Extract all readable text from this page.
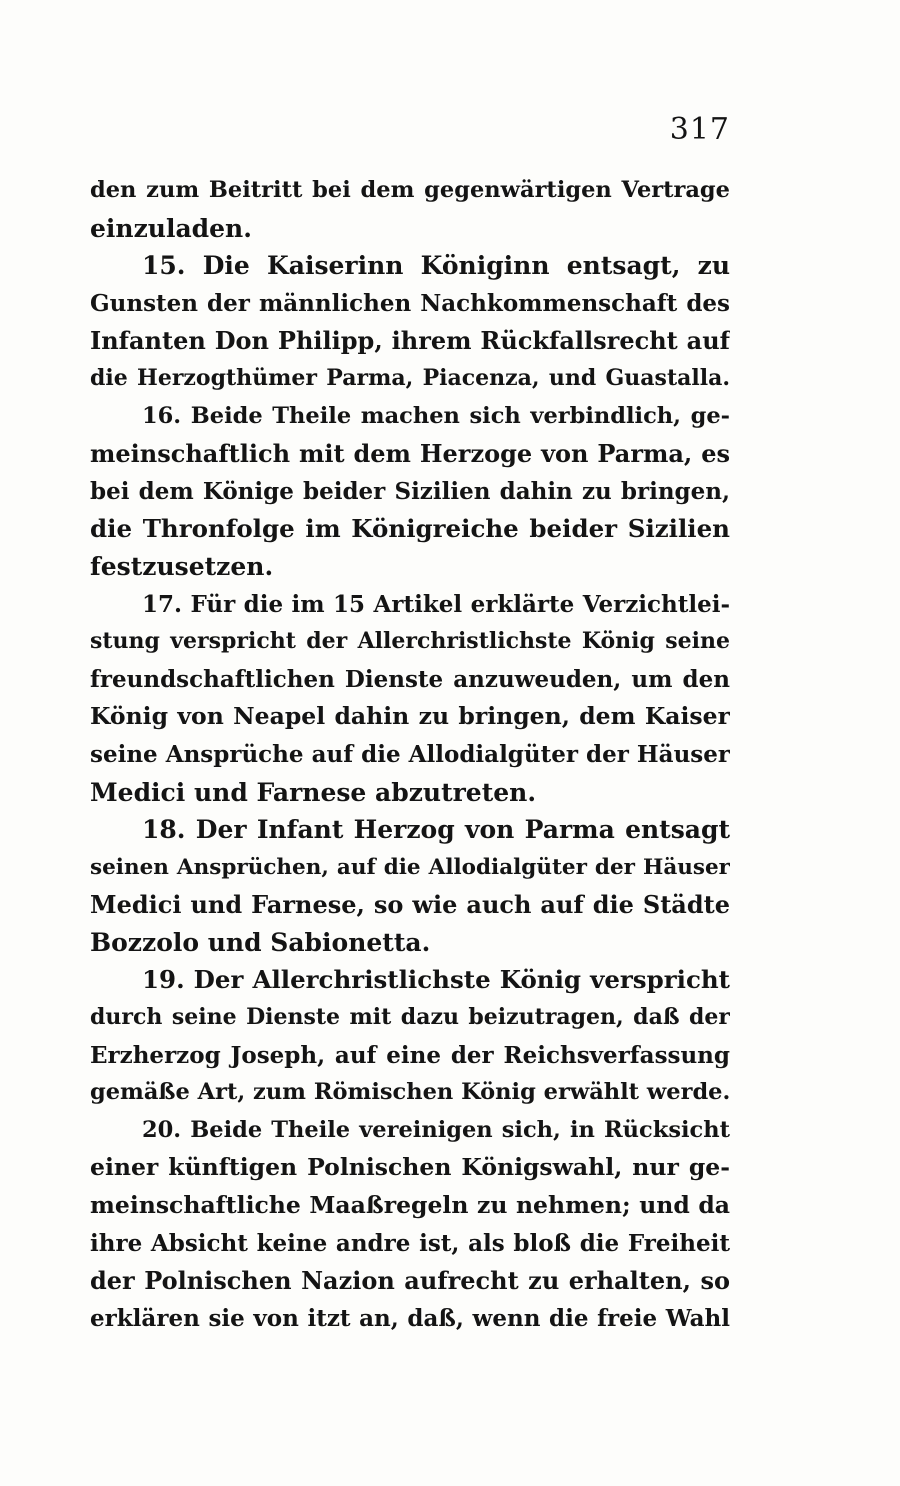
317
den zum Beitritt bei dem gegenwärtigen Vertrage
einzuladen.
15. Die Kaiserinn Königinn entsagt, zu
Gunsten der männlichen Nachkommenschaft des
Infanten Don Philipp, ihrem Rückfallsrecht auf
die Herzogthümer Parma, Piacenza, und Guastalla.
16. Beide Theile machen sich verbindlich, ge-
meinschaftlich mit dem Herzoge von Parma, es
bei dem Könige beider Sizilien dahin zu bringen,
die Thronfolge im Königreiche beider Sizilien
festzusetzen.
17. Für die im 15 Artikel erklärte Verzichtlei-
stung verspricht der Allerchristlichste König seine
freundschaftlichen Dienste anzuweuden, um den
König von Neapel dahin zu bringen, dem Kaiser
seine Ansprüche auf die Allodialgüter der Häuser
Medici und Farnese abzutreten.
18. Der Infant Herzog von Parma entsagt
seinen Ansprüchen, auf die Allodialgüter der Häuser
Medici und Farnese, so wie auch auf die Städte
Bozzolo und Sabionetta.
19. Der Allerchristlichste König verspricht
durch seine Dienste mit dazu beizutragen, daß der
Erzherzog Joseph, auf eine der Reichsverfassung
gemäße Art, zum Römischen König erwählt werde.
20. Beide Theile vereinigen sich, in Rücksicht
einer künftigen Polnischen Königswahl, nur ge-
meinschaftliche Maaßregeln zu nehmen; und da
ihre Absicht keine andre ist, als bloß die Freiheit
der Polnischen Nazion aufrecht zu erhalten, so
erklären sie von itzt an, daß, wenn die freie Wahl
